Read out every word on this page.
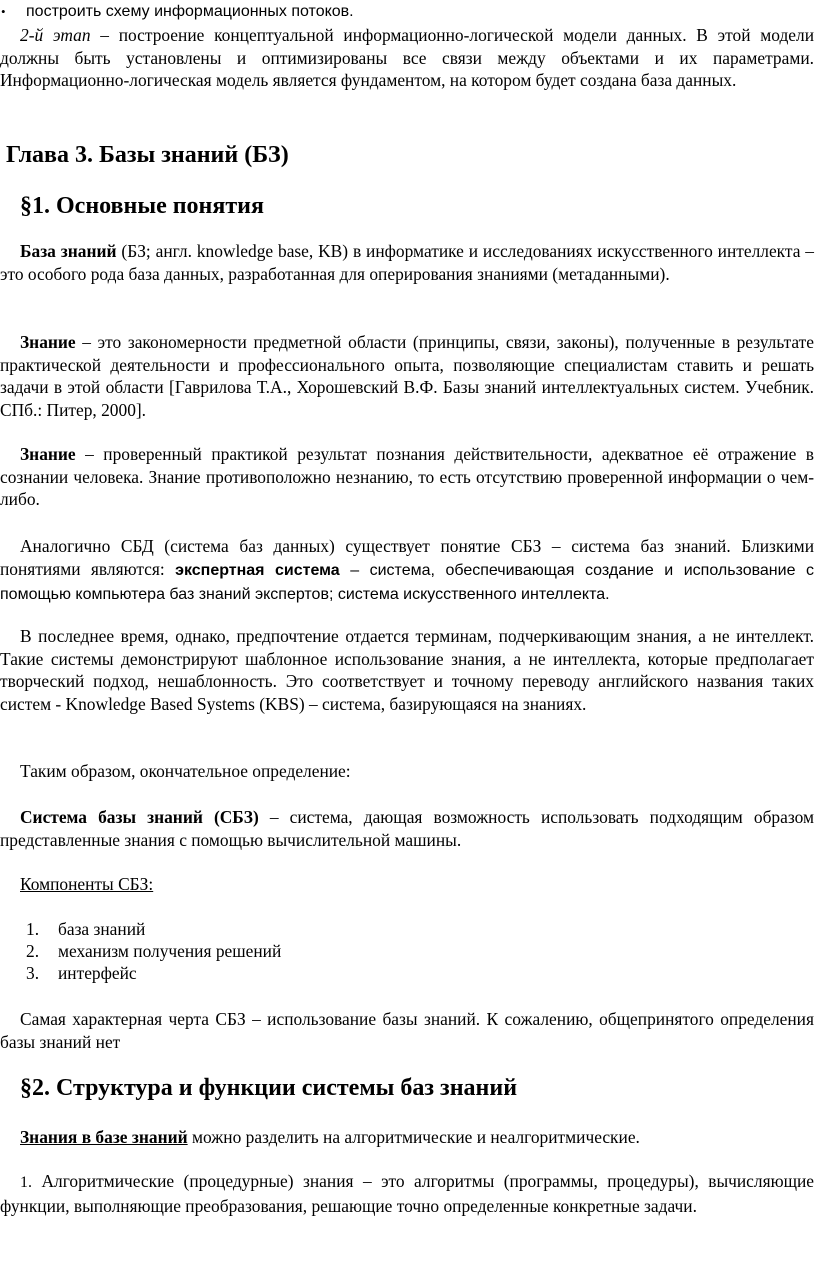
• построить схему информационных потоков.

2-й этап – построение концептуальной информационно-логической модели данных. В этой модели должны быть установлены и оптимизированы все связи между объектами и их параметрами. Информационно-логическая модель является фундаментом, на котором будет создана база данных.

Глава 3. Базы знаний (БЗ)
§1. Основные понятия

База знаний (БЗ; англ. knowledge base, KB) в информатике и исследованиях искусственного интеллекта – это особого рода база данных, разработанная для оперирования знаниями (метаданными).

Знание – это закономерности предметной области (принципы, связи, законы), полученные в результате практической деятельности и профессионального опыта, позволяющие специалистам ставить и решать задачи в этой области [Гаврилова Т.А., Хорошевский В.Ф. Базы знаний интеллектуальных систем. Учебник. СПб.: Питер, 2000].

Знание – проверенный практикой результат познания действительности, адекватное её отражение в сознании человека. Знание противоположно незнанию, то есть отсутствию проверенной информации о чем-либо.

Аналогично СБД (система баз данных) существует понятие СБЗ – система баз знаний. Близкими понятиями являются: экспертная система – система, обеспечивающая создание и использование с помощью компьютера баз знаний экспертов; система искусственного интеллекта.

В последнее время, однако, предпочтение отдается терминам, подчеркивающим знания, а не интеллект. Такие системы демонстрируют шаблонное использование знания, а не интеллекта, которые предполагает творческий подход, нешаблонность. Это соответствует и точному переводу английского названия таких систем - Knowledge Based Systems (KBS) – система, базирующаяся на знаниях.

Таким образом, окончательное определение:

Система базы знаний (СБЗ) – система, дающая возможность использовать подходящим образом представленные знания с помощью вычислительной машины.

Компоненты СБЗ:

1. база знаний
2. механизм получения решений
3. интерфейс

Самая характерная черта СБЗ – использование базы знаний. К сожалению, общепринятого определения базы знаний нет

§2. Структура и функции системы баз знаний

Знания в базе знаний можно разделить на алгоритмические и неалгоритмические.

1. Алгоритмические (процедурные) знания – это алгоритмы (программы, процедуры), вычисляющие функции, выполняющие преобразования, решающие точно определенные конкретные задачи.
